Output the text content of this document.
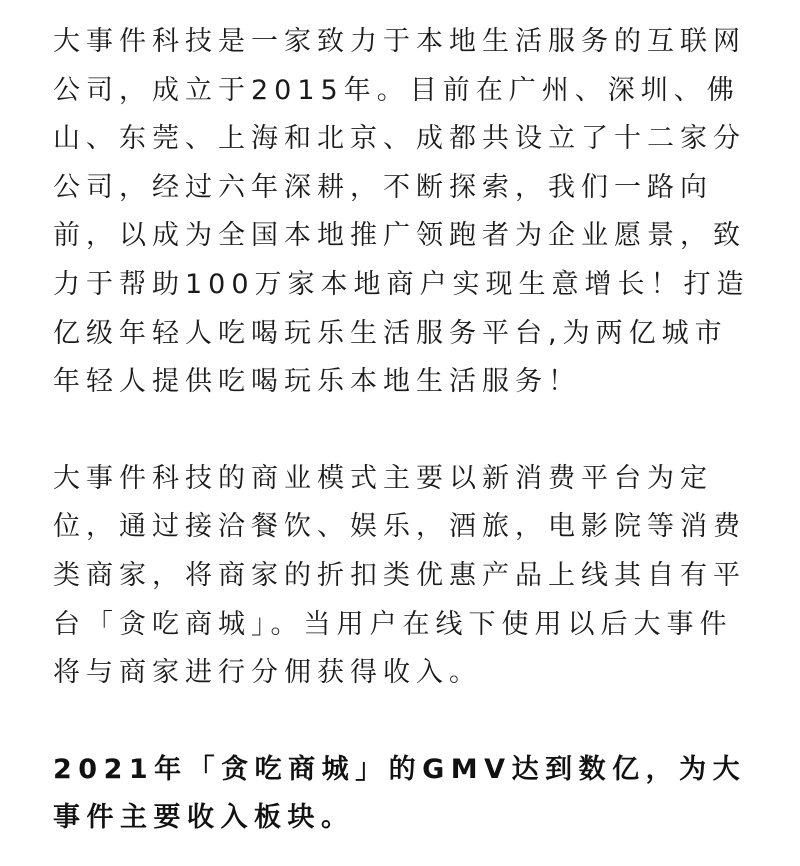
大事件科技是一家致力于本地生活服务的互联网公司，成立于2015年。目前在广州、深圳、佛山、东莞、上海和北京、成都共设立了十二家分公司，经过六年深耕，不断探索，我们一路向前，以成为全国本地推广领跑者为企业愿景，致力于帮助100万家本地商户实现生意增长！打造亿级年轻人吃喝玩乐生活服务平台,为两亿城市年轻人提供吃喝玩乐本地生活服务！

大事件科技的商业模式主要以新消费平台为定位，通过接洽餐饮、娱乐，酒旅，电影院等消费类商家，将商家的折扣类优惠产品上线其自有平台「贪吃商城」。当用户在线下使用以后大事件将与商家进行分佣获得收入。

2021年「贪吃商城」的GMV达到数亿，为大事件主要收入板块。
